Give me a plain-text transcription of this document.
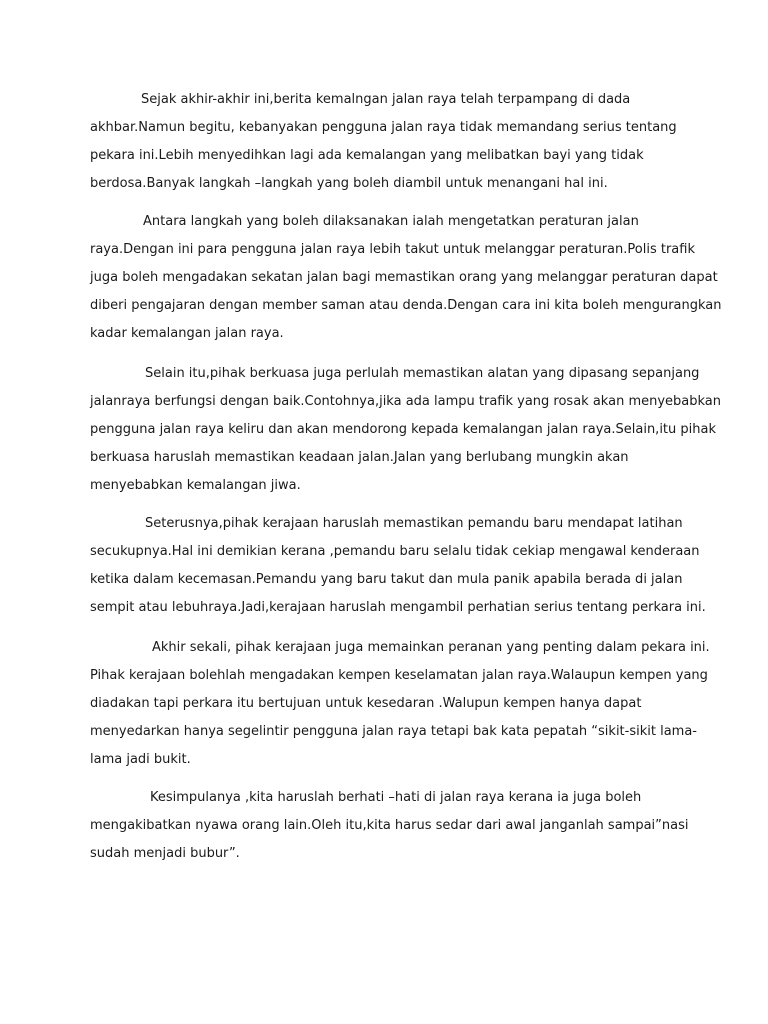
Sejak akhir-akhir ini,berita kemalngan jalan raya telah terpampang di dada

akhbar.Namun begitu, kebanyakan pengguna jalan raya tidak memandang serius tentang

pekara ini.Lebih menyedihkan lagi ada kemalangan yang melibatkan bayi yang tidak

berdosa.Banyak langkah –langkah yang boleh diambil untuk menangani hal ini.

Antara langkah yang boleh dilaksanakan ialah mengetatkan peraturan jalan

raya.Dengan ini para pengguna jalan raya lebih takut untuk melanggar peraturan.Polis trafik

juga boleh mengadakan sekatan jalan bagi memastikan orang yang melanggar peraturan dapat

diberi pengajaran dengan member saman atau denda.Dengan cara ini kita boleh mengurangkan

kadar kemalangan jalan raya.

Selain itu,pihak berkuasa juga perlulah memastikan alatan yang dipasang sepanjang

jalanraya berfungsi dengan baik.Contohnya,jika ada lampu trafik yang rosak akan menyebabkan

pengguna jalan raya keliru dan akan mendorong kepada kemalangan jalan raya.Selain,itu pihak

berkuasa haruslah memastikan keadaan jalan.Jalan yang berlubang mungkin akan

menyebabkan kemalangan jiwa.

Seterusnya,pihak kerajaan haruslah memastikan pemandu baru mendapat latihan

secukupnya.Hal ini demikian kerana ,pemandu baru selalu tidak cekiap mengawal kenderaan

ketika dalam kecemasan.Pemandu yang baru takut dan mula panik apabila berada di jalan

sempit atau lebuhraya.Jadi,kerajaan haruslah mengambil perhatian serius tentang perkara ini.

Akhir sekali, pihak kerajaan juga memainkan peranan yang penting dalam pekara ini.

Pihak kerajaan bolehlah mengadakan kempen keselamatan jalan raya.Walaupun kempen yang

diadakan tapi perkara itu bertujuan untuk kesedaran .Walupun kempen hanya dapat

menyedarkan hanya segelintir pengguna jalan raya tetapi bak kata pepatah “sikit-sikit lama-

lama jadi bukit.

Kesimpulanya ,kita haruslah berhati –hati di jalan raya kerana ia juga boleh

mengakibatkan nyawa orang lain.Oleh itu,kita harus sedar dari awal janganlah sampai”nasi

sudah menjadi bubur”.
